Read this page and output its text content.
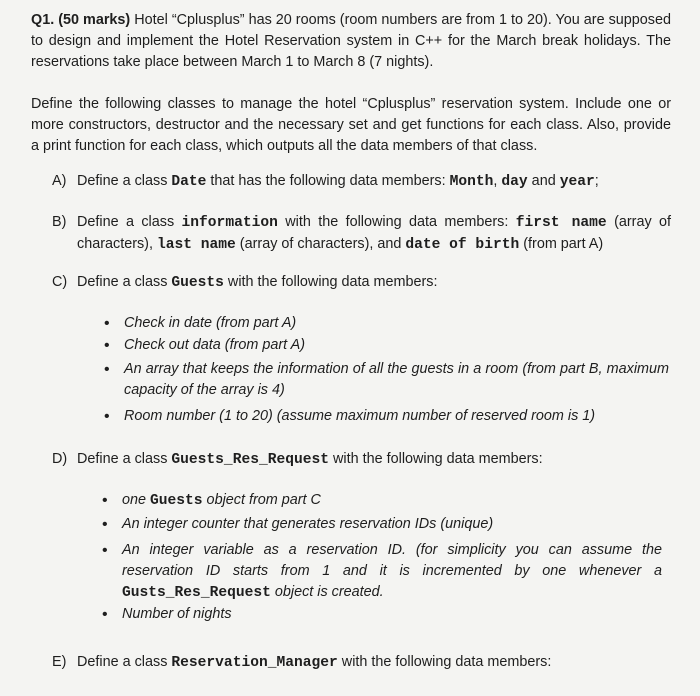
Q1. (50 marks) Hotel “Cplusplus” has 20 rooms (room numbers are from 1 to 20). You are supposed to design and implement the Hotel Reservation system in C++ for the March break holidays. The reservations take place between March 1 to March 8 (7 nights).

Define the following classes to manage the hotel “Cplusplus” reservation system. Include one or more constructors, destructor and the necessary set and get functions for each class. Also, provide a print function for each class, which outputs all the data members of that class.

A) Define a class Date that has the following data members: Month, day and year;
B) Define a class information with the following data members: first name (array of characters), last name (array of characters), and date of birth (from part A)
C) Define a class Guests with the following data members:
• Check in date (from part A)
• Check out data (from part A)
• An array that keeps the information of all the guests in a room (from part B, maximum capacity of the array is 4)
• Room number (1 to 20) (assume maximum number of reserved room is 1)
D) Define a class Guests_Res_Request with the following data members:
• one Guests object from part C
• An integer counter that generates reservation IDs (unique)
• An integer variable as a reservation ID. (for simplicity you can assume the reservation ID starts from 1 and it is incremented by one whenever a
Gusts_Res_Request object is created.
• Number of nights
E) Define a class Reservation_Manager with the following data members:
